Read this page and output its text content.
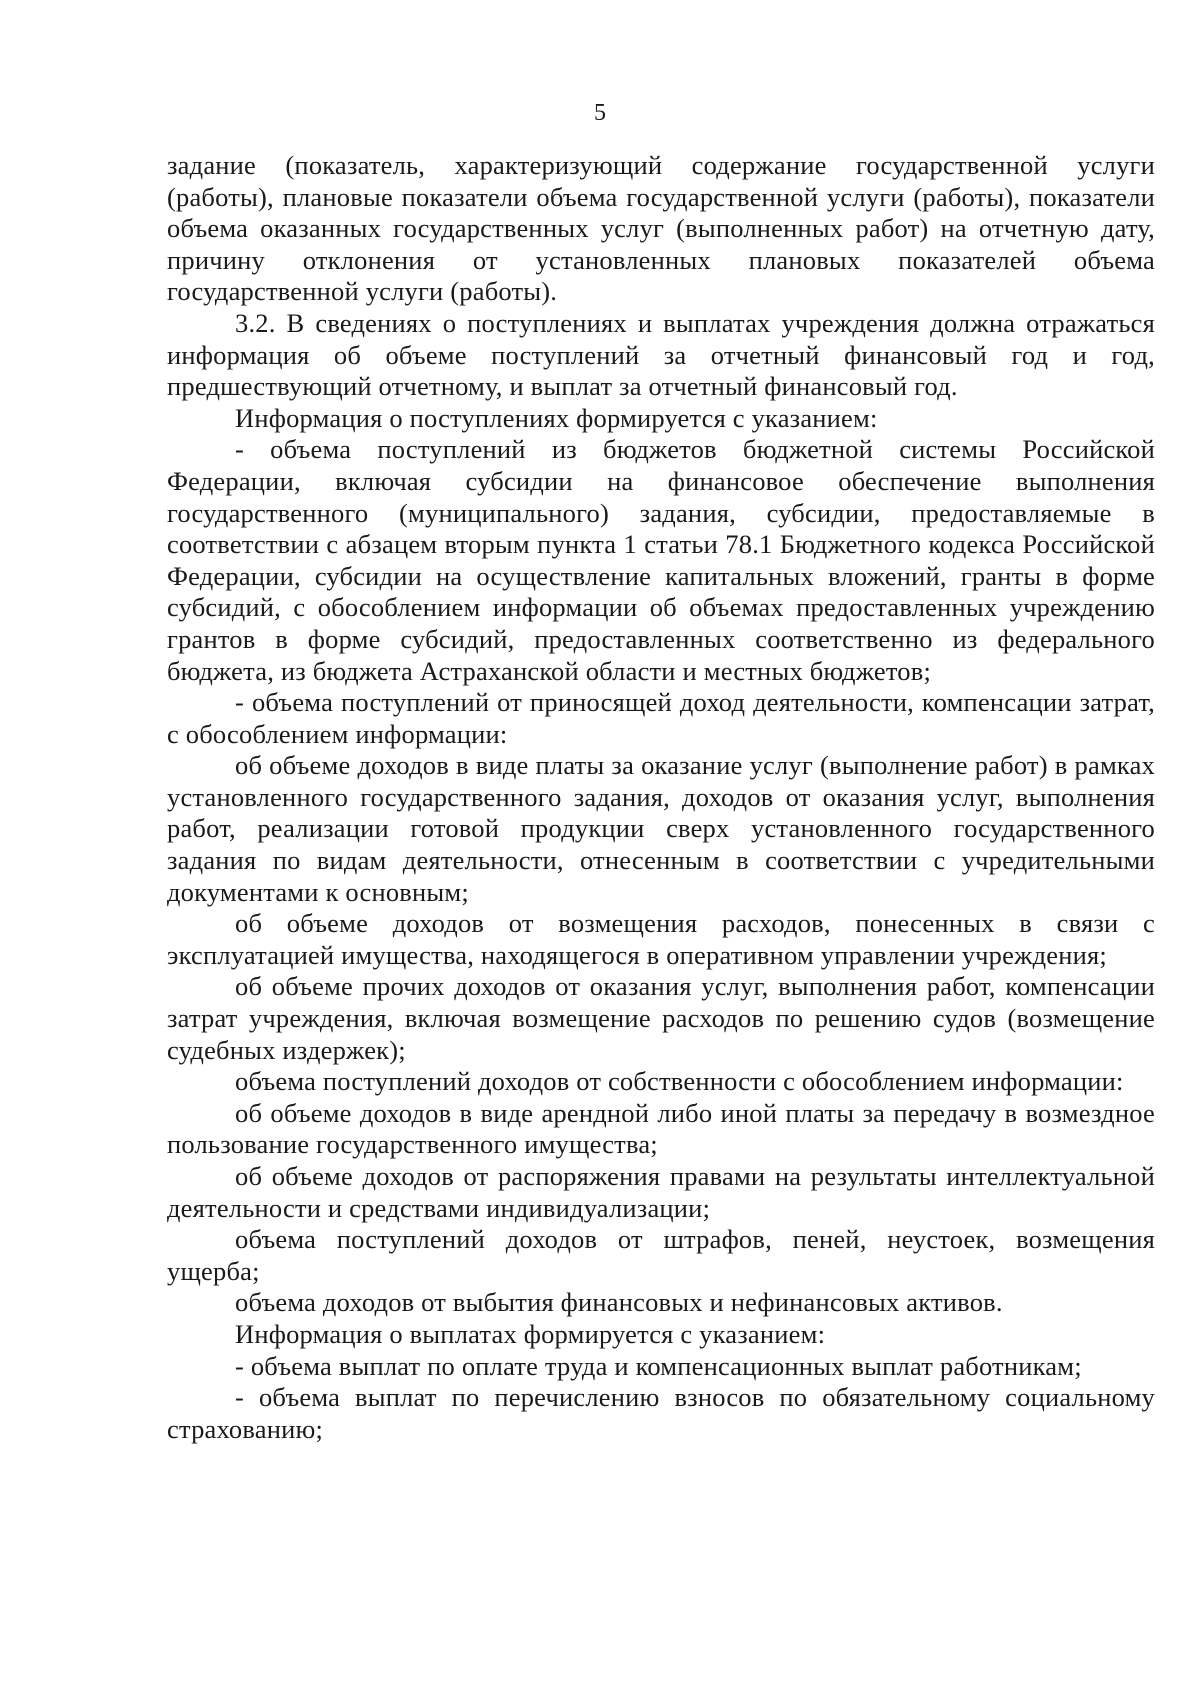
5

задание (показатель, характеризующий содержание государственной услуги (работы), плановые показатели объема государственной услуги (работы), показатели объема оказанных государственных услуг (выполненных работ) на отчетную дату, причину отклонения от установленных плановых показателей объема государственной услуги (работы).

3.2. В сведениях о поступлениях и выплатах учреждения должна отражаться информация об объеме поступлений за отчетный финансовый год и год, предшествующий отчетному, и выплат за отчетный финансовый год.

Информация о поступлениях формируется с указанием:

- объема поступлений из бюджетов бюджетной системы Российской Федерации, включая субсидии на финансовое обеспечение выполнения государственного (муниципального) задания, субсидии, предоставляемые в соответствии с абзацем вторым пункта 1 статьи 78.1 Бюджетного кодекса Российской Федерации, субсидии на осуществление капитальных вложений, гранты в форме субсидий, с обособлением информации об объемах предоставленных учреждению грантов в форме субсидий, предоставленных соответственно из федерального бюджета, из бюджета Астраханской области и местных бюджетов;

- объема поступлений от приносящей доход деятельности, компенсации затрат, с обособлением информации:

об объеме доходов в виде платы за оказание услуг (выполнение работ) в рамках установленного государственного задания, доходов от оказания услуг, выполнения работ, реализации готовой продукции сверх установленного государственного задания по видам деятельности, отнесенным в соответствии с учредительными документами к основным;

об объеме доходов от возмещения расходов, понесенных в связи с эксплуатацией имущества, находящегося в оперативном управлении учреждения;

об объеме прочих доходов от оказания услуг, выполнения работ, компенсации затрат учреждения, включая возмещение расходов по решению судов (возмещение судебных издержек);

объема поступлений доходов от собственности с обособлением информации:

об объеме доходов в виде арендной либо иной платы за передачу в возмездное пользование государственного имущества;

об объеме доходов от распоряжения правами на результаты интеллектуальной деятельности и средствами индивидуализации;

объема поступлений доходов от штрафов, пеней, неустоек, возмещения ущерба;

объема доходов от выбытия финансовых и нефинансовых активов.

Информация о выплатах формируется с указанием:

- объема выплат по оплате труда и компенсационных выплат работникам;

- объема выплат по перечислению взносов по обязательному социальному страхованию;
